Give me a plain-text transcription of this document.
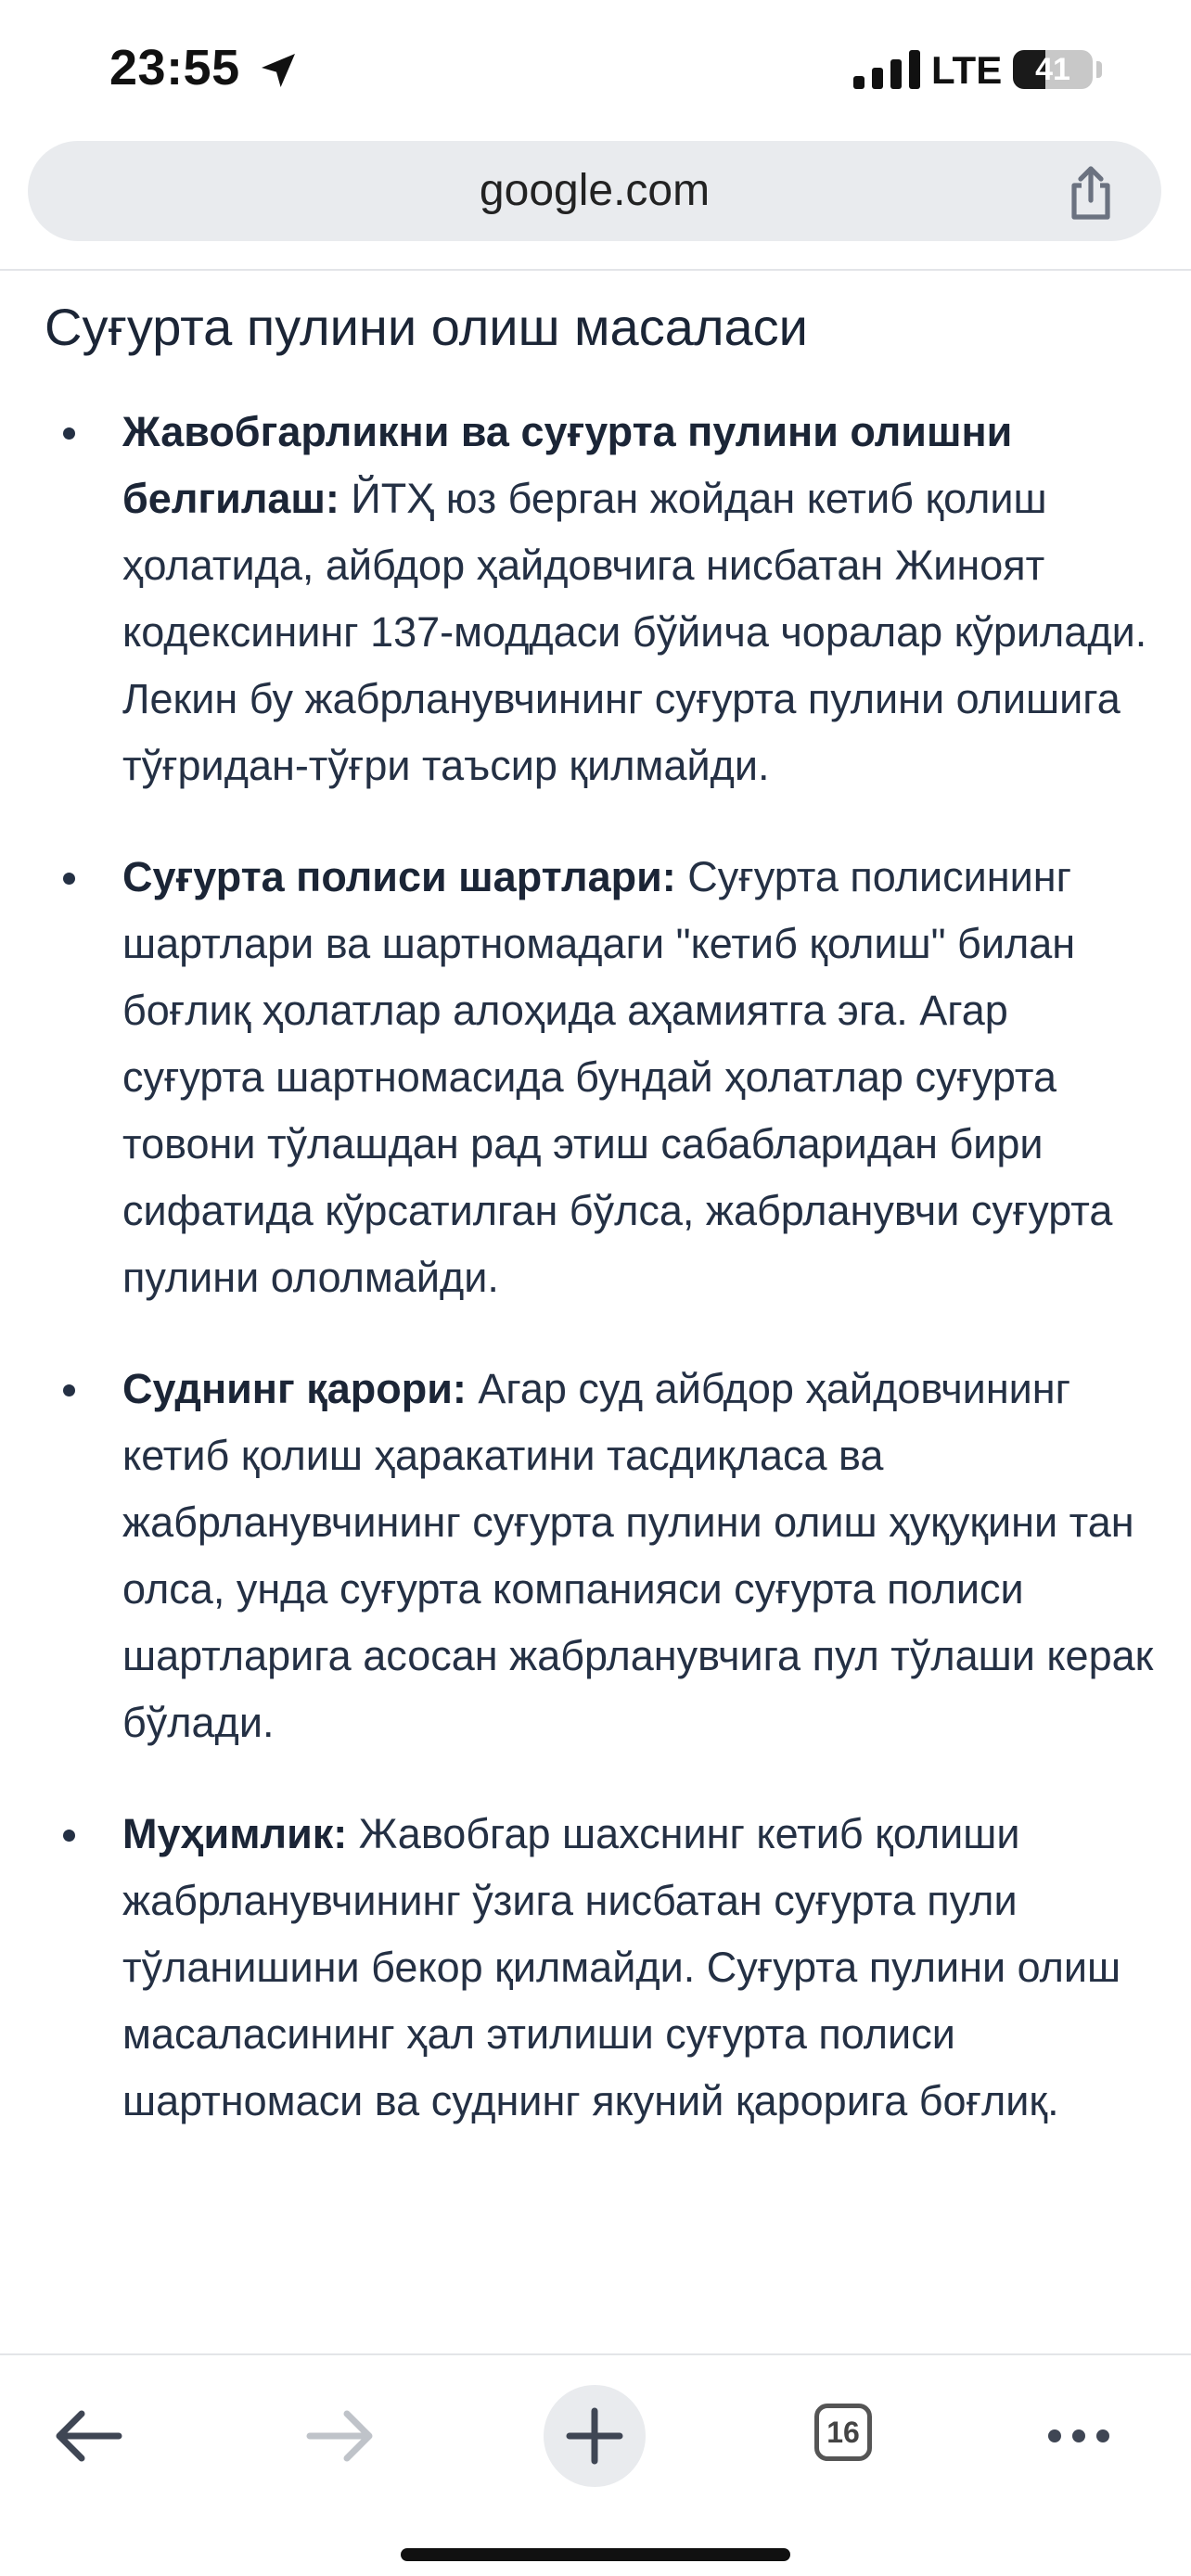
23:55	LTE	41
google.com
Суғурта пулини олиш масаласи
Жавобгарликни ва суғурта пулини олишни белгилаш: ЙТҲ юз берган жойдан кетиб қолиш ҳолатида, айбдор ҳайдовчига нисбатан Жиноят кодексининг 137-моддаси бўйича чоралар кўрилади. Лекин бу жабрланувчининг суғурта пулини олишига тўғридан-тўғри таъсир қилмайди.
Суғурта полиси шартлари: Суғурта полисининг шартлари ва шартномадаги "кетиб қолиш" билан боғлиқ ҳолатлар алоҳида аҳамиятга эга. Агар суғурта шартномасида бундай ҳолатлар суғурта товони тўлашдан рад этиш сабабларидан бири сифатида кўрсатилган бўлса, жабрланувчи суғурта пулини ололмайди.
Суднинг қарори: Агар суд айбдор ҳайдовчининг кетиб қолиш ҳаракатини тасдиқласа ва жабрланувчининг суғурта пулини олиш ҳуқуқини тан олса, унда суғурта компанияси суғурта полиси шартларига асосан жабрланувчига пул тўлаши керак бўлади.
Муҳимлик: Жавобгар шахснинг кетиб қолиши жабрланувчининг ўзига нисбатан суғурта пули тўланишини бекор қилмайди. Суғурта пулини олиш масаласининг ҳал этилиши суғурта полиси шартномаси ва суднинг якуний қарорига боғлиқ.
16
